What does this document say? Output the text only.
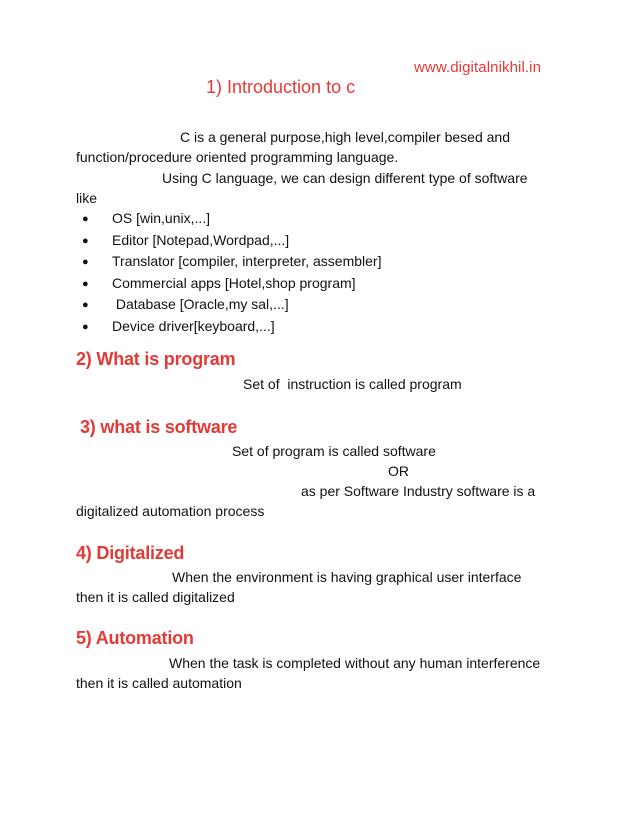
www.digitalnikhil.in
1) Introduction to c
C is a general purpose,high level,compiler besed and
function/procedure oriented programming language.
Using C language, we can design different type of software
like
● OS [win,unix,...]
● Editor [Notepad,Wordpad,...]
● Translator [compiler, interpreter, assembler]
● Commercial apps [Hotel,shop program]
● Database [Oracle,my sal,...]
● Device driver[keyboard,...]
2) What is program
Set of  instruction is called program
3) what is software
Set of program is called software
OR
as per Software Industry software is a
digitalized automation process
4) Digitalized
When the environment is having graphical user interface
then it is called digitalized
5) Automation
When the task is completed without any human interference
then it is called automation
